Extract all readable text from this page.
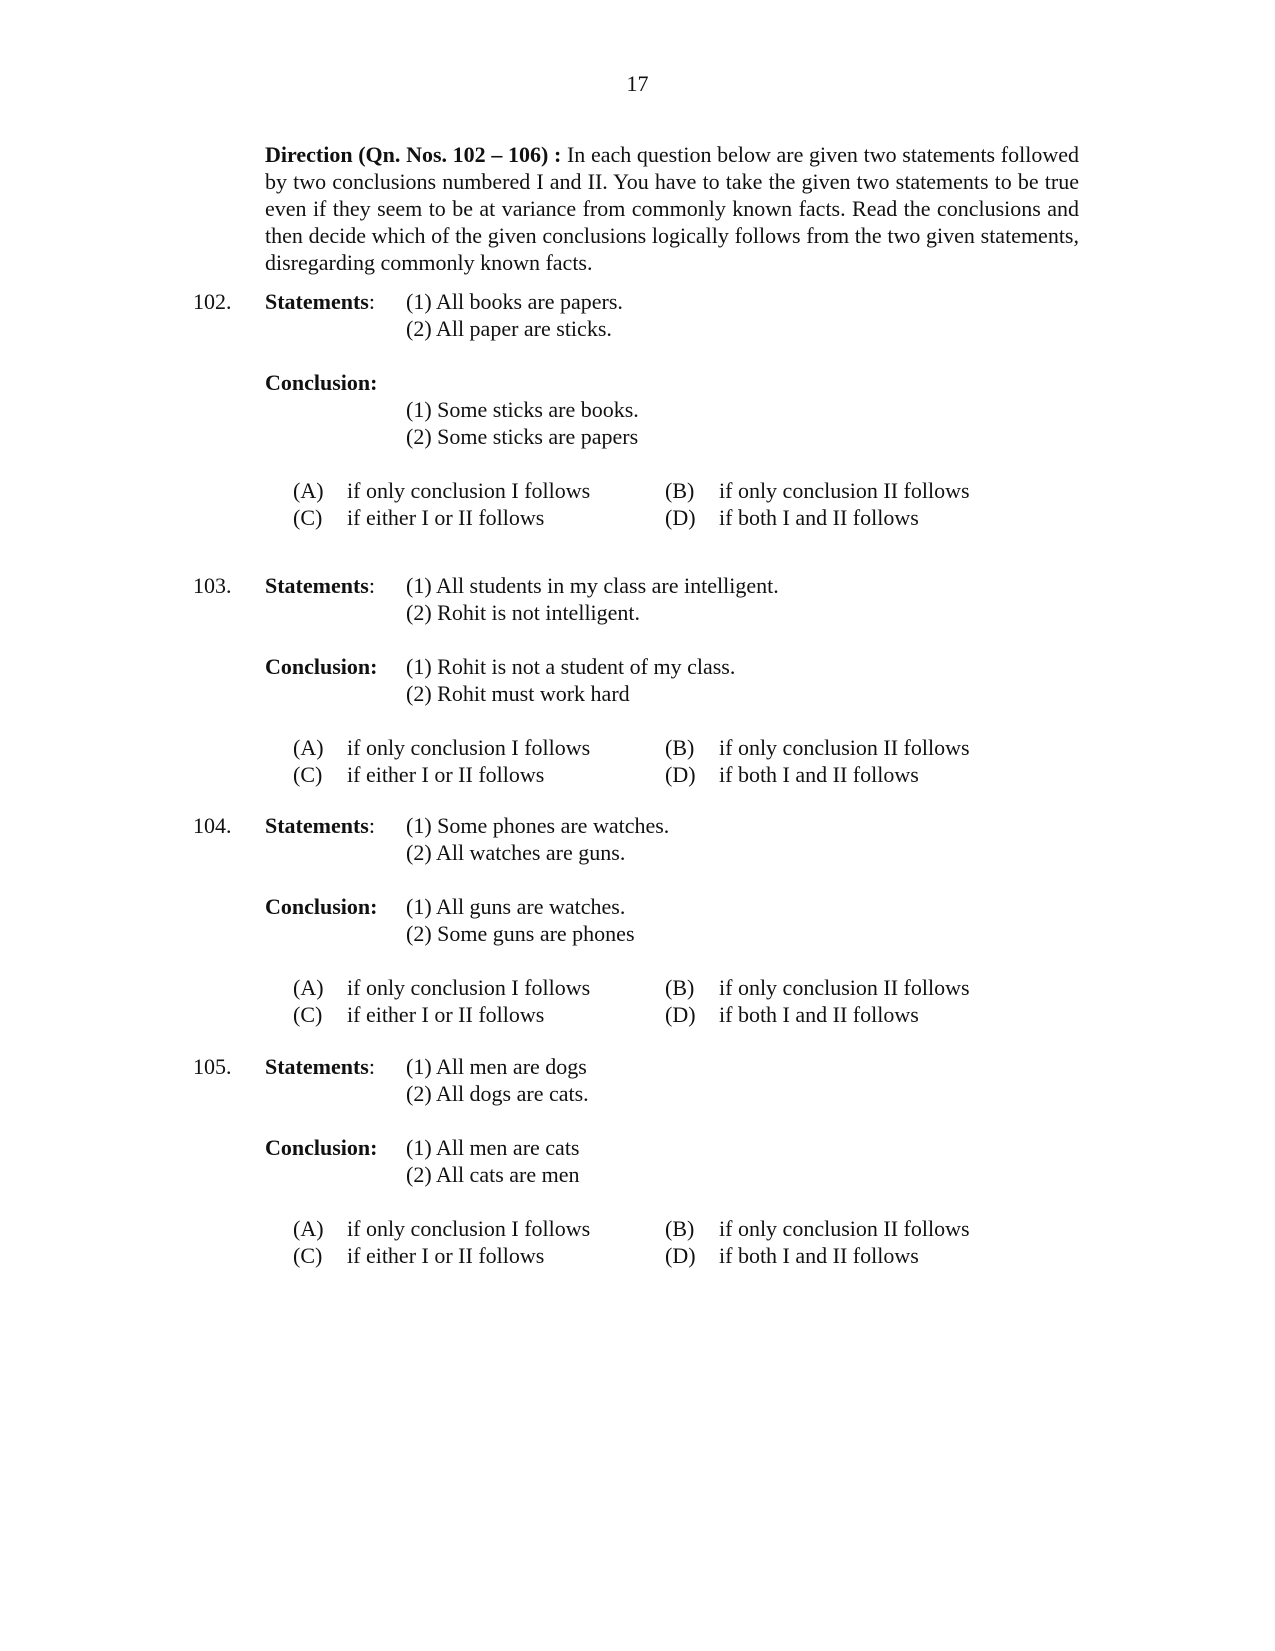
17

Direction (Qn. Nos. 102 – 106) : In each question below are given two statements followed by two conclusions numbered I and II. You have to take the given two statements to be true even if they seem to be at variance from commonly known facts. Read the conclusions and then decide which of the given conclusions logically follows from the two given statements, disregarding commonly known facts.

102. Statements: (1) All books are papers.
(2) All paper are sticks.
Conclusion:
(1) Some sticks are books.
(2) Some sticks are papers
(A) if only conclusion I follows	(B) if only conclusion II follows
(C) if either I or II follows	(D) if both I and II follows
103. Statements: (1) All students in my class are intelligent.
(2) Rohit is not intelligent.
Conclusion: (1) Rohit is not a student of my class.
(2) Rohit must work hard
(A) if only conclusion I follows	(B) if only conclusion II follows
(C) if either I or II follows	(D) if both I and II follows
104. Statements: (1) Some phones are watches.
(2) All watches are guns.
Conclusion: (1) All guns are watches.
(2) Some guns are phones
(A) if only conclusion I follows	(B) if only conclusion II follows
(C) if either I or II follows	(D) if both I and II follows
105. Statements: (1) All men are dogs
(2) All dogs are cats.
Conclusion: (1) All men are cats
(2) All cats are men
(A) if only conclusion I follows	(B) if only conclusion II follows
(C) if either I or II follows	(D) if both I and II follows
